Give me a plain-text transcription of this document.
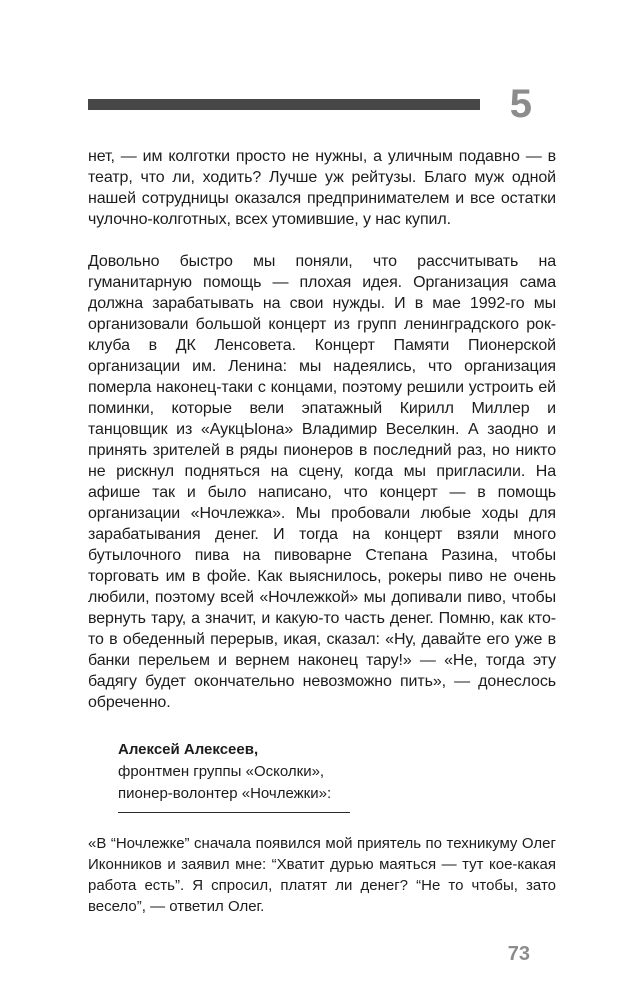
5

нет, — им колготки просто не нужны, а уличным подавно — в театр, что ли, ходить? Лучше уж рейтузы. Благо муж одной нашей сотрудницы оказался предпринимателем и все остатки чулочно-колготных, всех утомившие, у нас купил.

Довольно быстро мы поняли, что рассчитывать на гуманитарную помощь — плохая идея. Организация сама должна зарабатывать на свои нужды. И в мае 1992-го мы организовали большой концерт из групп ленинградского рок-клуба в ДК Ленсовета. Концерт Памяти Пионерской организации им. Ленина: мы надеялись, что организация померла наконец-таки с концами, поэтому решили устроить ей поминки, которые вели эпатажный Кирилл Миллер и танцовщик из «АукцЫона» Владимир Веселкин. А заодно и принять зрителей в ряды пионеров в последний раз, но никто не рискнул подняться на сцену, когда мы пригласили. На афише так и было написано, что концерт — в помощь организации «Ночлежка». Мы пробовали любые ходы для зарабатывания денег. И тогда на концерт взяли много бутылочного пива на пивоварне Степана Разина, чтобы торговать им в фойе. Как выяснилось, рокеры пиво не очень любили, поэтому всей «Ночлежкой» мы допивали пиво, чтобы вернуть тару, а значит, и какую-то часть денег. Помню, как кто-то в обеденный перерыв, икая, сказал: «Ну, давайте его уже в банки перельем и вернем наконец тару!» — «Не, тогда эту бадягу будет окончательно невозможно пить», — донеслось обреченно.

Алексей Алексеев,
фронтмен группы «Осколки»,
пионер-волонтер «Ночлежки»:

«В “Ночлежке” сначала появился мой приятель по техникуму Олег Иконников и заявил мне: “Хватит дурью маяться — тут кое-какая работа есть”. Я спросил, платят ли денег? “Не то чтобы, зато весело”, — ответил Олег.

73
